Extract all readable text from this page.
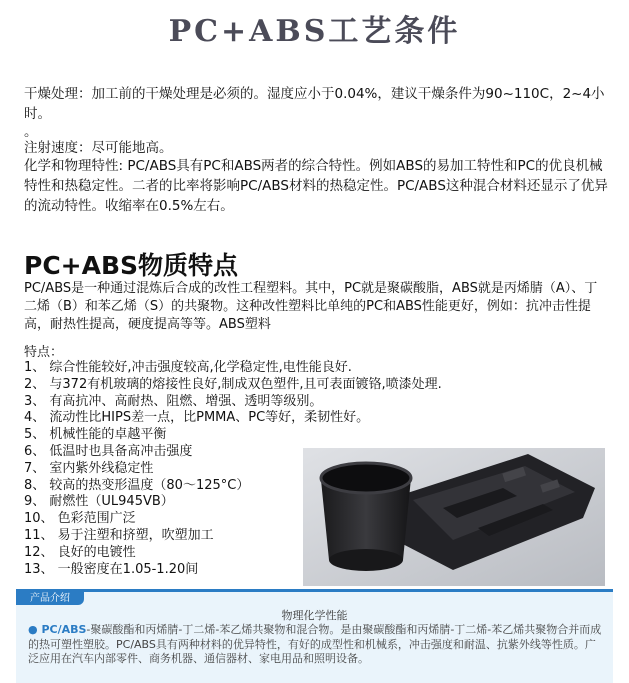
PC+ABS工艺条件

干燥处理：加工前的干燥处理是必须的。湿度应小于0.04%，建议干燥条件为90~110C，2~4小时。

。

注射速度：尽可能地高。

化学和物理特性: PC/ABS具有PC和ABS两者的综合特性。例如ABS的易加工特性和PC的优良机械特性和热稳定性。二者的比率将影响PC/ABS材料的热稳定性。PC/ABS这种混合材料还显示了优异的流动特性。收缩率在0.5%左右。

PC+ABS物质特点

PC/ABS是一种通过混炼后合成的改性工程塑料。其中，PC就是聚碳酸脂，ABS就是丙烯腈（A）、丁二烯（B）和苯乙烯（S）的共聚物。这种改性塑料比单纯的PC和ABS性能更好，例如：抗冲击性提高，耐热性提高，硬度提高等等。ABS塑料

特点：
1、 综合性能较好,冲击强度较高,化学稳定性,电性能良好.
2、 与372有机玻璃的熔接性良好,制成双色塑件,且可表面镀铬,喷漆处理.
3、 有高抗冲、高耐热、阻燃、增强、透明等级别。
4、 流动性比HIPS差一点，比PMMA、PC等好，柔韧性好。
5、 机械性能的卓越平衡
6、 低温时也具备高冲击强度
7、 室内紫外线稳定性
8、 较高的热变形温度（80～125°C）
9、 耐燃性（UL945VB）
10、 色彩范围广泛
11、 易于注塑和挤塑，吹塑加工
12、 良好的电镀性
13、 一般密度在1.05-1.20间
产品介绍
物理化学性能

● PC/ABS-聚碳酸酯和丙烯腈-丁二烯-苯乙烯共聚物和混合物。是由聚碳酸酯和丙烯腈-丁二烯-苯乙烯共聚物合并而成的热可塑性塑胶。PC/ABS具有两种材料的优异特性，有好的成型性和机械系，冲击强度和耐温、抗紫外线等性质。广泛应用在汽车内部零件、商务机器、通信器材、家电用品和照明设备。
